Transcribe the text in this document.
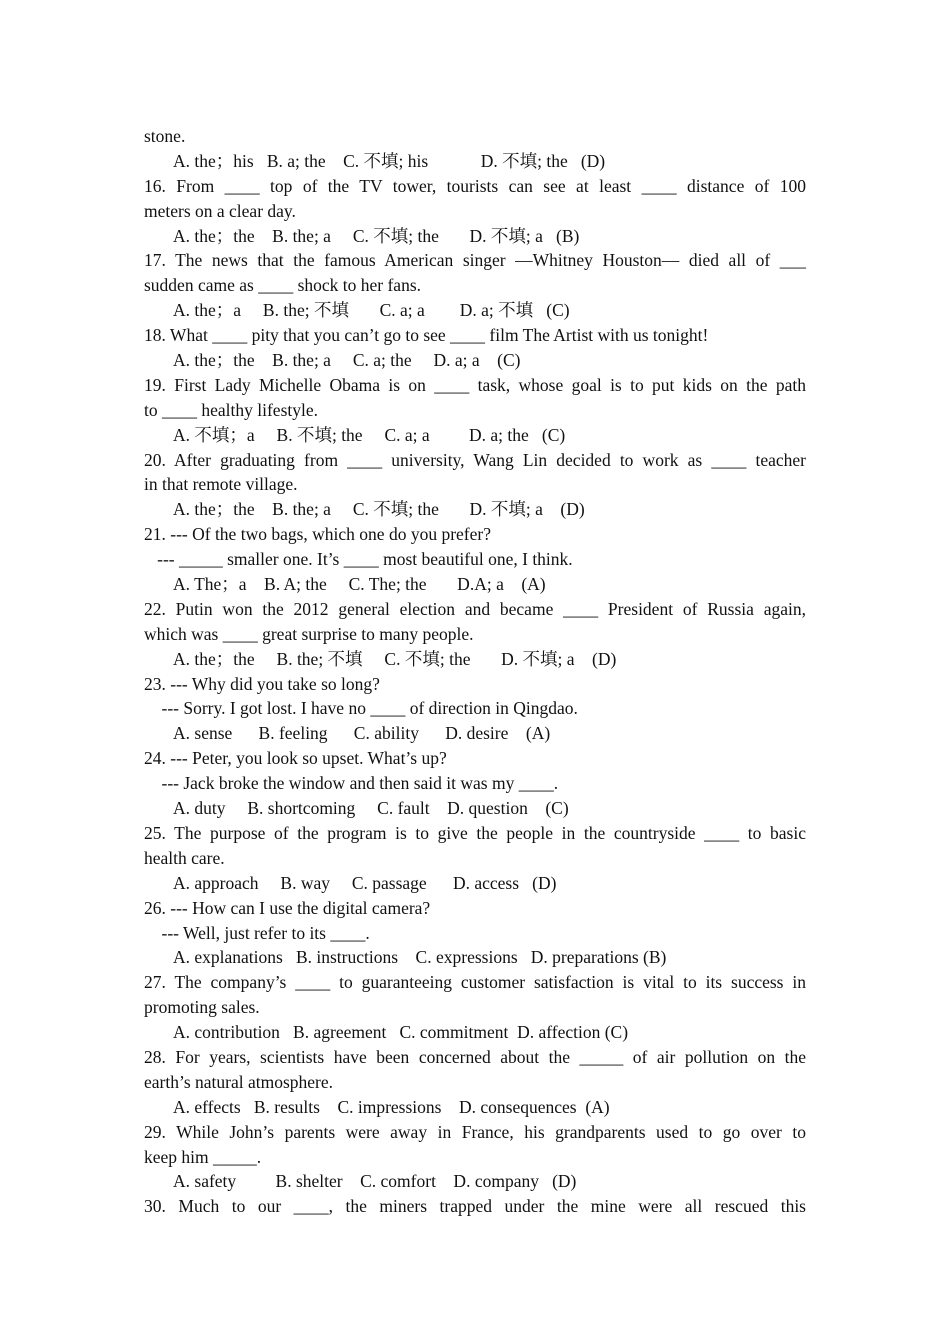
stone.
A. the；his   B. a; the    C. 不填; his            D. 不填; the   (D)
16. From ____ top of the TV tower, tourists can see at least ____ distance of 100
meters on a clear day.
A. the；the    B. the; a     C. 不填; the       D. 不填; a   (B)
17. The news that the famous American singer —Whitney Houston— died all of ___
sudden came as ____ shock to her fans.
A. the；a     B. the; 不填       C. a; a        D. a; 不填   (C)
18. What ____ pity that you can’t go to see ____ film The Artist with us tonight!
A. the；the    B. the; a     C. a; the     D. a; a    (C)
19. First Lady Michelle Obama is on ____ task, whose goal is to put kids on the path
to ____ healthy lifestyle.
A. 不填；a     B. 不填; the     C. a; a         D. a; the   (C)
20. After graduating from ____ university, Wang Lin decided to work as ____ teacher
in that remote village.
A. the；the    B. the; a     C. 不填; the       D. 不填; a    (D)
21. --- Of the two bags, which one do you prefer?
--- _____ smaller one. It’s ____ most beautiful one, I think.
A. The；a    B. A; the     C. The; the       D.A; a    (A)
22. Putin won the 2012 general election and became ____ President of Russia again,
which was ____ great surprise to many people.
A. the；the     B. the; 不填     C. 不填; the       D. 不填; a    (D)
23. --- Why did you take so long?
--- Sorry. I got lost. I have no ____ of direction in Qingdao.
A. sense      B. feeling      C. ability      D. desire    (A)
24. --- Peter, you look so upset. What’s up?
--- Jack broke the window and then said it was my ____.
A. duty     B. shortcoming     C. fault    D. question    (C)
25. The purpose of the program is to give the people in the countryside ____ to basic
health care.
A. approach     B. way     C. passage      D. access   (D)
26. --- How can I use the digital camera?
--- Well, just refer to its ____.
A. explanations   B. instructions    C. expressions   D. preparations (B)
27. The company’s ____ to guaranteeing customer satisfaction is vital to its success in
promoting sales.
A. contribution   B. agreement   C. commitment  D. affection (C)
28. For years, scientists have been concerned about the _____ of air pollution on the
earth’s natural atmosphere.
A. effects   B. results    C. impressions    D. consequences  (A)
29. While John’s parents were away in France, his grandparents used to go over to
keep him _____.
A. safety         B. shelter    C. comfort    D. company   (D)
30. Much to our ____, the miners trapped under the mine were all rescued this
